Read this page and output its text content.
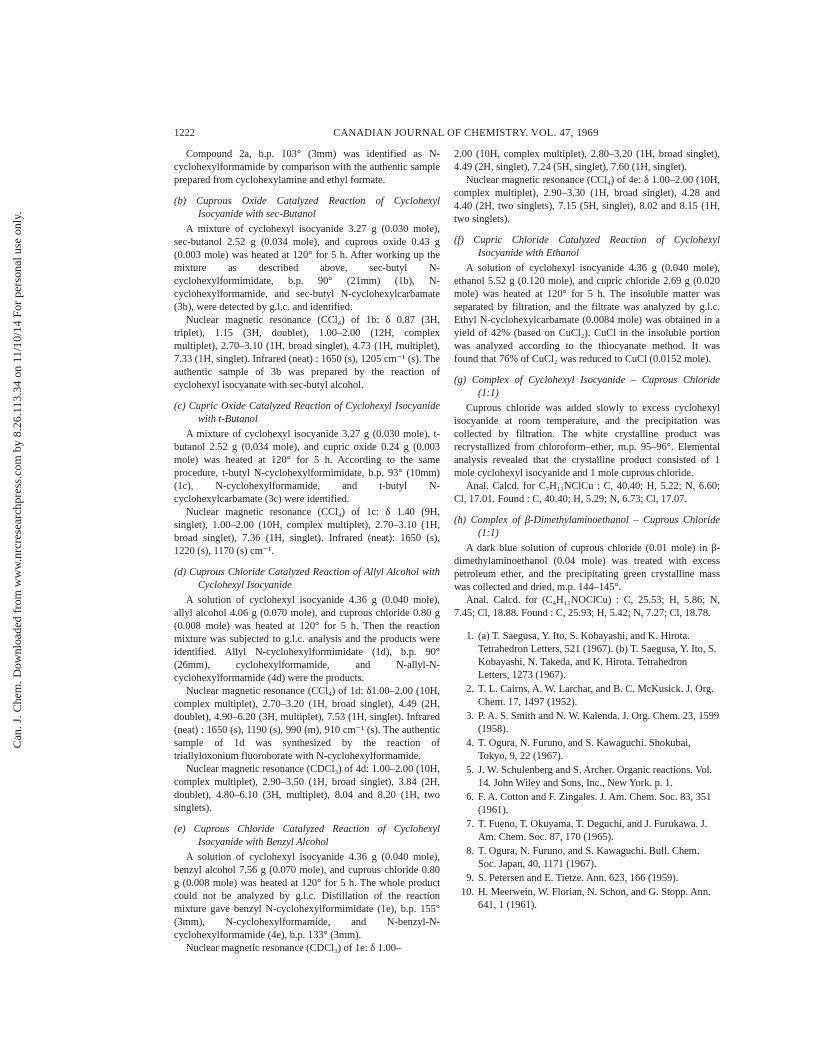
Can. J. Chem. Downloaded from www.nrcresearchpress.com by 8.26.113.34 on 11/10/14 For personal use only.
1222	CANADIAN JOURNAL OF CHEMISTRY. VOL. 47, 1969

Compound 2a, b.p. 103° (3mm) was identified as N-cyclohexylformamide by comparison with the authentic sample prepared from cyclohexylamine and ethyl formate.

(b) Cuprous Oxide Catalyzed Reaction of Cyclohexyl Isocyanide with sec-Butanol

A mixture of cyclohexyl isocyanide 3.27 g (0.030 mole), sec-butanol 2.52 g (0.034 mole), and cuprous oxide 0.43 g (0.003 mole) was heated at 120° for 5 h. After working up the mixture as described above, sec-butyl N-cyclohexylformimidate, b.p. 90° (21mm) (1b), N-cyclohexylformamide, and sec-butyl N-cyclohexylcarbamate (3b), were detected by g.l.c. and identified.

Nuclear magnetic resonance (CCl₄) of 1b: δ 0.87 (3H, triplet), 1.15 (3H, doublet), 1.00–2.00 (12H, complex multiplet), 2.70–3.10 (1H, broad singlet), 4.73 (1H, multiplet), 7.33 (1H, singlet). Infrared (neat) : 1650 (s), 1205 cm⁻¹ (s). The authentic sample of 3b was prepared by the reaction of cyclohexyl isocyanate with sec-butyl alcohol.

(c) Cupric Oxide Catalyzed Reaction of Cyclohexyl Isocyanide with t-Butanol

A mixture of cyclohexyl isocyanide 3.27 g (0.030 mole), t-butanol 2.52 g (0.034 mole), and cupric oxide 0.24 g (0.003 mole) was heated at 120° for 5 h. According to the same procedure, t-butyl N-cyclohexylformimidate, b.p. 93° (10mm) (1c), N-cyclohexylformamide, and t-butyl N-cyclohexylcarbamate (3c) were identified.

Nuclear magnetic resonance (CCl₄) of 1c: δ 1.40 (9H, singlet), 1.00–2.00 (10H, complex multiplet), 2.70–3.10 (1H, broad singlet), 7.36 (1H, singlet). Infrared (neat): 1650 (s), 1220 (s), 1170 (s) cm⁻¹.

(d) Cuprous Chloride Catalyzed Reaction of Allyl Alcohol with Cyclohexyl Isocyanide

A solution of cyclohexyl isocyanide 4.36 g (0.040 mole), allyl alcohol 4.06 g (0.070 mole), and cuprous chloride 0.80 g (0.008 mole) was heated at 120° for 5 h. Then the reaction mixture was subjected to g.l.c. analysis and the products were identified. Allyl N-cyclohexylformimidate (1d), b.p. 90° (26mm), cyclohexylformamide, and N-allyl-N-cyclohexylformamide (4d) were the products.

Nuclear magnetic resonance (CCl₄) of 1d: δ1.00–2.00 (10H, complex multiplet), 2.70–3.20 (1H, broad singlet), 4.49 (2H, doublet), 4.90–6.20 (3H, multiplet), 7.53 (1H, singlet). Infrared (neat) : 1650 (s), 1190 (s), 990 (m), 910 cm⁻¹ (s). The authentic sample of 1d was synthesized by the reaction of triallyloxonium fluoroborate with N-cyclohexylformamide.

Nuclear magnetic resonance (CDCl₃) of 4d: 1.00–2.00 (10H, complex multiplet), 2.90–3.50 (1H, broad singlet), 3.84 (2H, doublet), 4.80–6.10 (3H, multiplet), 8.04 and 8.20 (1H, two singlets).

(e) Cuprous Chloride Catalyzed Reaction of Cyclohexyl Isocyanide with Benzyl Alcohol

A solution of cyclohexyl isocyanide 4.36 g (0.040 mole), benzyl alcohol 7.56 g (0.070 mole), and cuprous chloride 0.80 g (0.008 mole) was heated at 120° for 5 h. The whole product could not be analyzed by g.l.c. Distillation of the reaction mixture gave benzyl N-cyclohexylformimidate (1e), b.p. 155° (3mm), N-cyclohexylformamide, and N-benzyl-N-cyclohexylformamide (4e), b.p. 133° (3mm).

Nuclear magnetic resonance (CDCl₃) of 1e: δ 1.00–

2.00 (10H, complex multiplet), 2.80–3.20 (1H, broad singlet), 4.49 (2H, singlet), 7.24 (5H, singlet), 7.60 (1H, singlet).

Nuclear magnetic resonance (CCl₄) of 4e: δ 1.00–2.00 (10H, complex multiplet), 2.90–3.30 (1H, broad singlet), 4.28 and 4.40 (2H, two singlets), 7.15 (5H, singlet), 8.02 and 8.15 (1H, two singlets).

(f) Cupric Chloride Catalyzed Reaction of Cyclohexyl Isocyanide with Ethanol

A solution of cyclohexyl isocyanide 4.36 g (0.040 mole), ethanol 5.52 g (0.120 mole), and cupric chloride 2.69 g (0.020 mole) was heated at 120° for 5 h. The insoluble matter was separated by filtration, and the filtrate was analyzed by g.l.c. Ethyl N-cyclohexylcarbamate (0.0084 mole) was obtained in a yield of 42% (based on CuCl₂). CuCl in the insoluble portion was analyzed according to the thiocyanate method. It was found that 76% of CuCl₂ was reduced to CuCl (0.0152 mole).

(g) Complex of Cyclohexyl Isocyanide – Cuprous Chloride (1:1)

Cuprous chloride was added slowly to excess cyclohexyl isocyanide at room temperature, and the precipitation was collected by filtration. The white crystalline product was recrystallized from chloroform–ether, m.p. 95–96°. Elemental analysis revealed that the crystalline product consisted of 1 mole cyclohexyl isocyanide and 1 mole cuprous chloride.

Anal. Calcd. for C₇H₁₁NClCu : C, 40.40; H, 5.22; N, 6.60; Cl, 17.01. Found : C, 40.40; H, 5.29; N, 6.73; Cl, 17.07.

(h) Complex of β-Dimethylaminoethanol – Cuprous Chloride (1:1)

A dark blue solution of cuprous chloride (0.01 mole) in β-dimethylaminoethanol (0.04 mole) was treated with excess petroleum ether, and the precipitating green crystalline mass was collected and dried, m.p. 144–145°.

Anal. Calcd. for (C₄H₁₁NOClCu) : C, 25.53; H, 5.86; N, 7.45; Cl, 18.88. Found : C, 25.93; H, 5.42; N, 7.27; Cl, 18.78.

1. (a) T. Saegusa, Y. Ito, S. Kobayashi, and K. Hirota. Tetrahedron Letters, 521 (1967). (b) T. Saegusa, Y. Ito, S. Kobayashi, N. Takeda, and K. Hirota. Tetrahedron Letters, 1273 (1967).
2. T. L. Cairns, A. W. Larchar, and B. C. McKusick. J. Org. Chem. 17, 1497 (1952).
3. P. A. S. Smith and N. W. Kalenda. J. Org. Chem. 23, 1599 (1958).
4. T. Ogura, N. Furuno, and S. Kawaguchi. Shokubai, Tokyo, 9, 22 (1967).
5. J. W. Schulenberg and S. Archer. Organic reactions. Vol. 14. John Wiley and Sons, Inc., New York. p. 1.
6. F. A. Cotton and F. Zingales. J. Am. Chem. Soc. 83, 351 (1961).
7. T. Fueno, T. Okuyama, T. Deguchi, and J. Furukawa. J. Am. Chem. Soc. 87, 170 (1965).
8. T. Ogura, N. Furuno, and S. Kawaguchi. Bull. Chem. Soc. Japan, 40, 1171 (1967).
9. S. Petersen and E. Tietze. Ann. 623, 166 (1959).
10. H. Meerwein, W. Florian, N. Schon, and G. Stopp. Ann. 641, 1 (1961).
